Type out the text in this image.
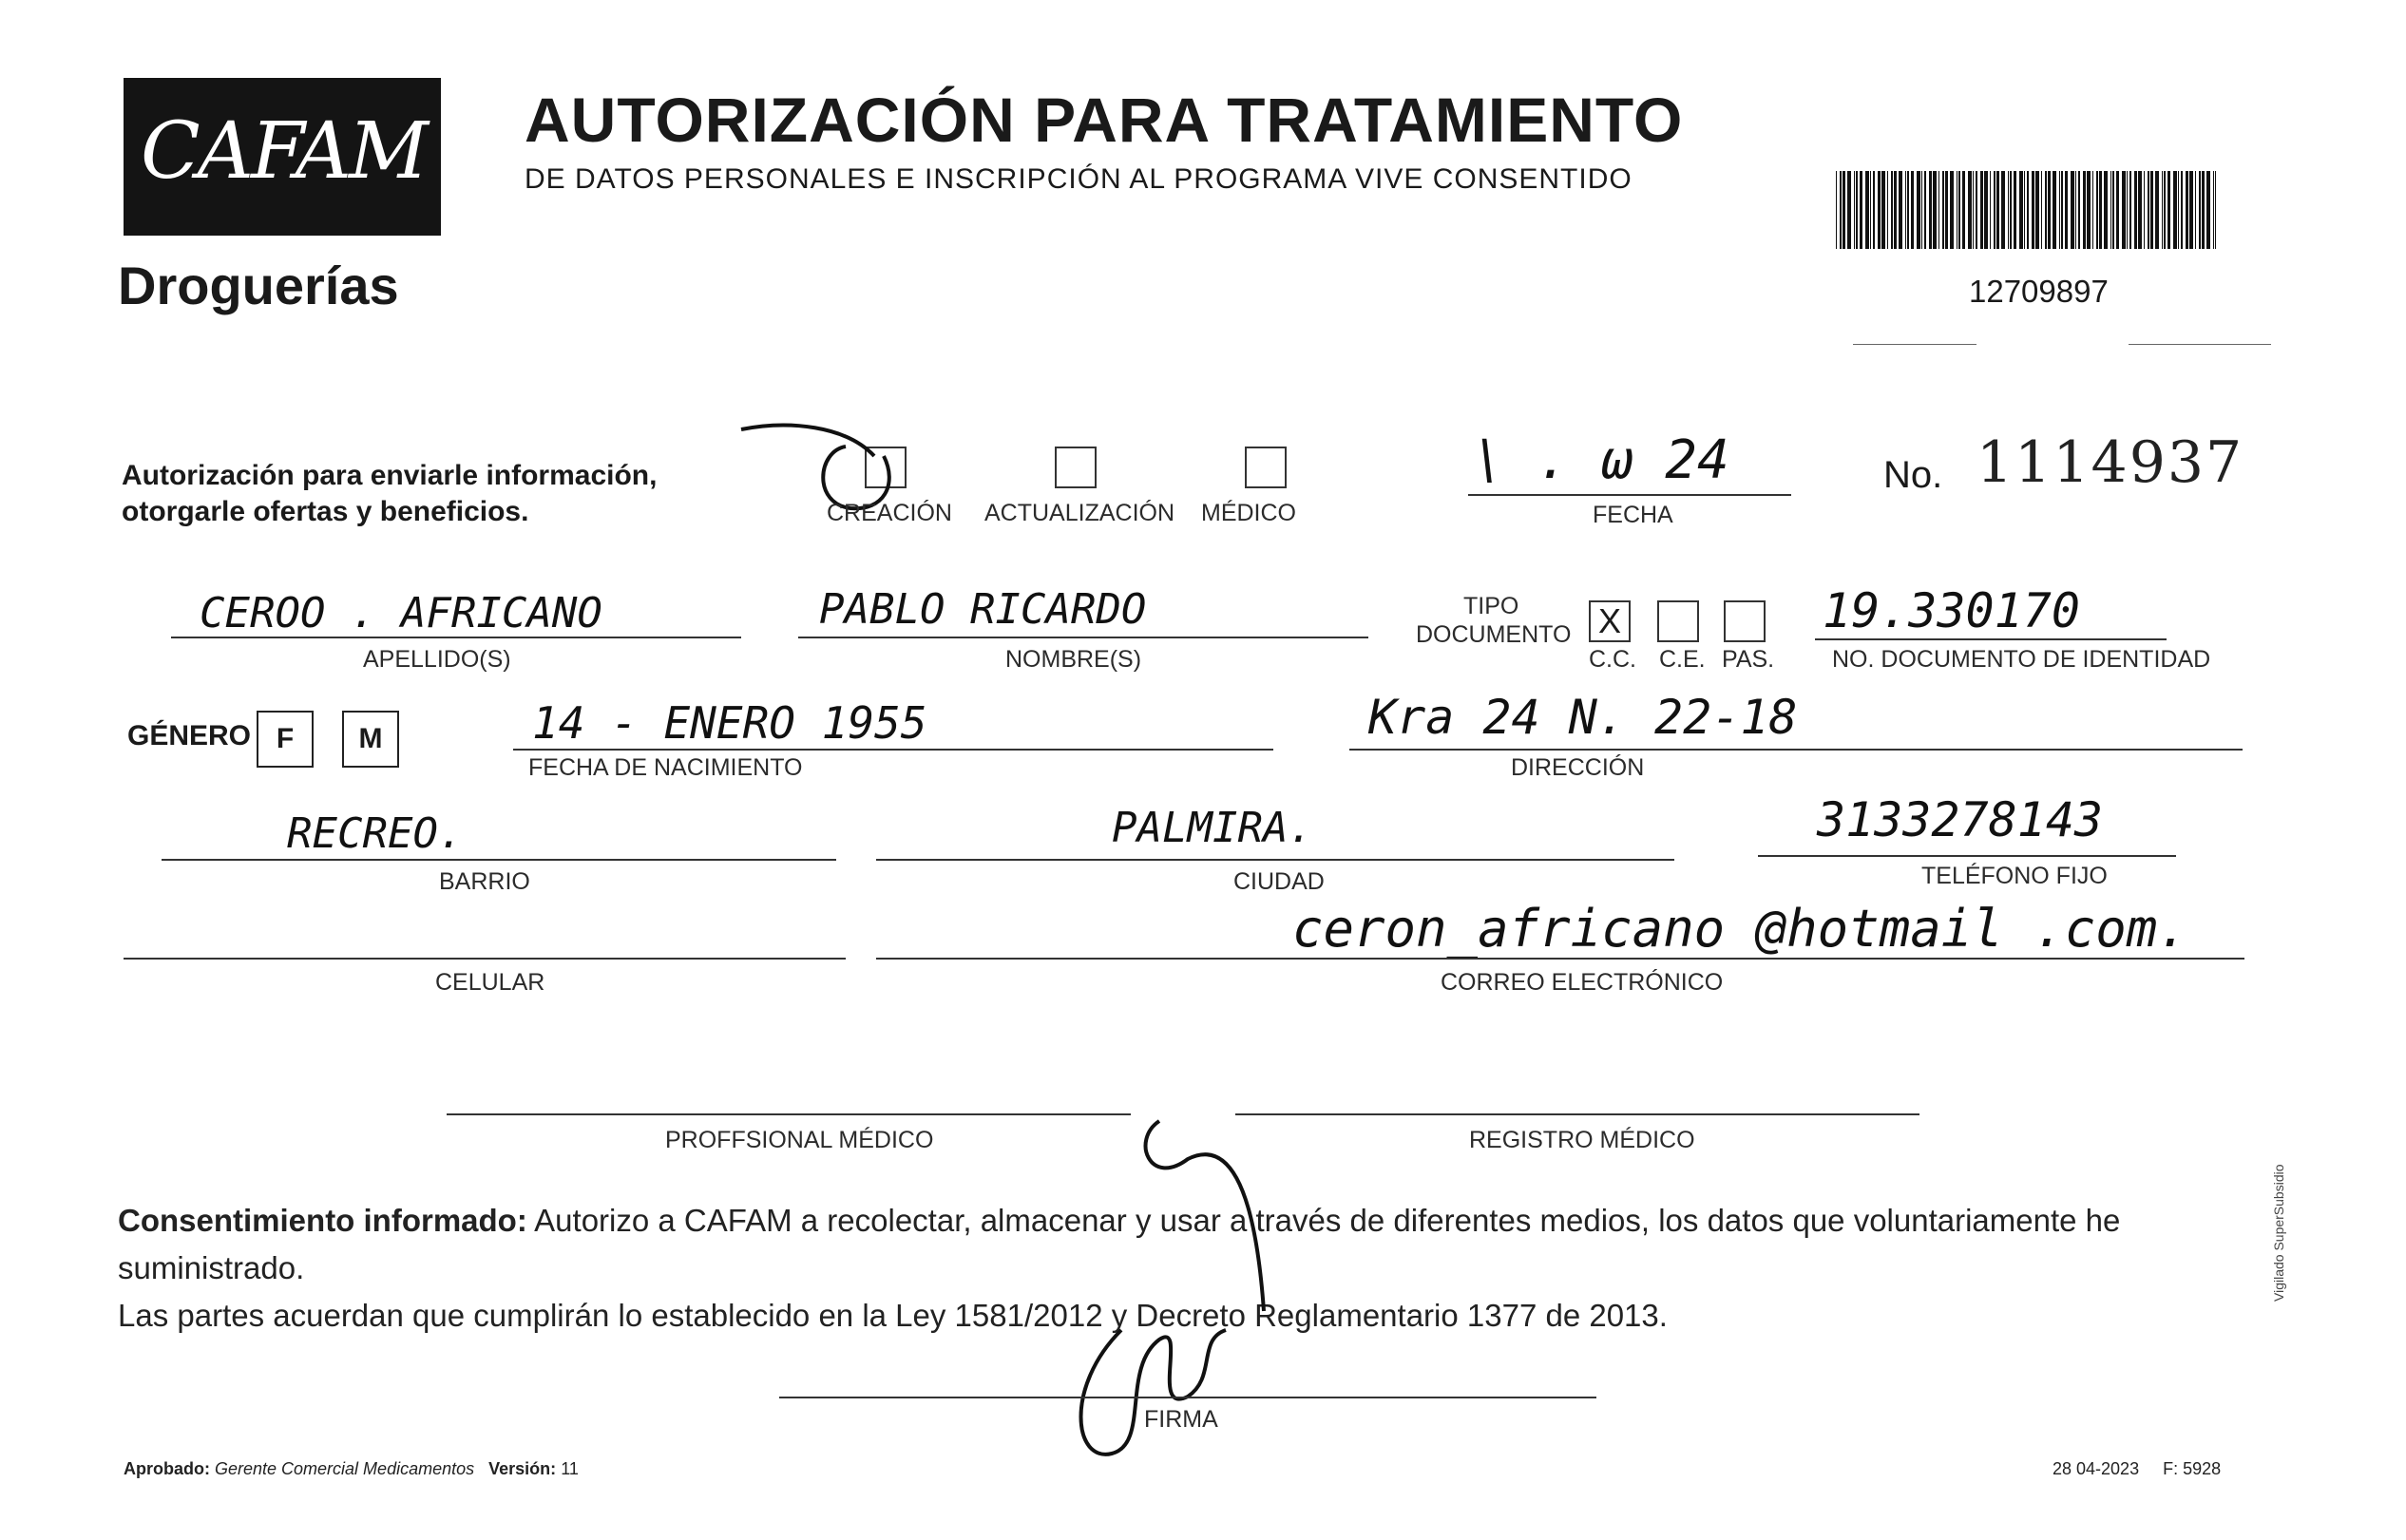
CAFAM
Droguerías
AUTORIZACIÓN PARA TRATAMIENTO
DE DATOS PERSONALES E INSCRIPCIÓN AL PROGRAMA VIVE CONSENTIDO
12709897
Autorización para enviarle información,
otorgarle ofertas y beneficios.	CREACIÓN ACTUALIZACIÓN MÉDICO
\ . ω 24
FECHA
No. 1114937
CEROO . AFRICANO
APELLIDO(S)
PABLO RICARDO
NOMBRE(S)
TIPO
DOCUMENTO X
C.C. C.E. PAS.
19.330170
NO. DOCUMENTO DE IDENTIDAD
GÉNERO F	M	14 - ENERO 1955
FECHA DE NACIMIENTO
Kra 24 N. 22-18
DIRECCIÓN
RECREO.
BARRIO
PALMIRA.
CIUDAD
3133278143
TELÉFONO FIJO
CELULAR
ceron_africano @hotmail .com.
CORREO ELECTRÓNICO
PROFFSIONAL MÉDICO	REGISTRO MÉDICO
Consentimiento informado: Autorizo a CAFAM a recolectar, almacenar y usar a través de diferentes medios, los datos que voluntariamente he suministrado.
Las partes acuerdan que cumplirán lo establecido en la Ley 1581/2012 y Decreto Reglamentario 1377 de 2013.
FIRMA
Aprobado: Gerente Comercial Medicamentos Versión: 11	28 04-2023 F: 5928
Vigilado SuperSubsidio
